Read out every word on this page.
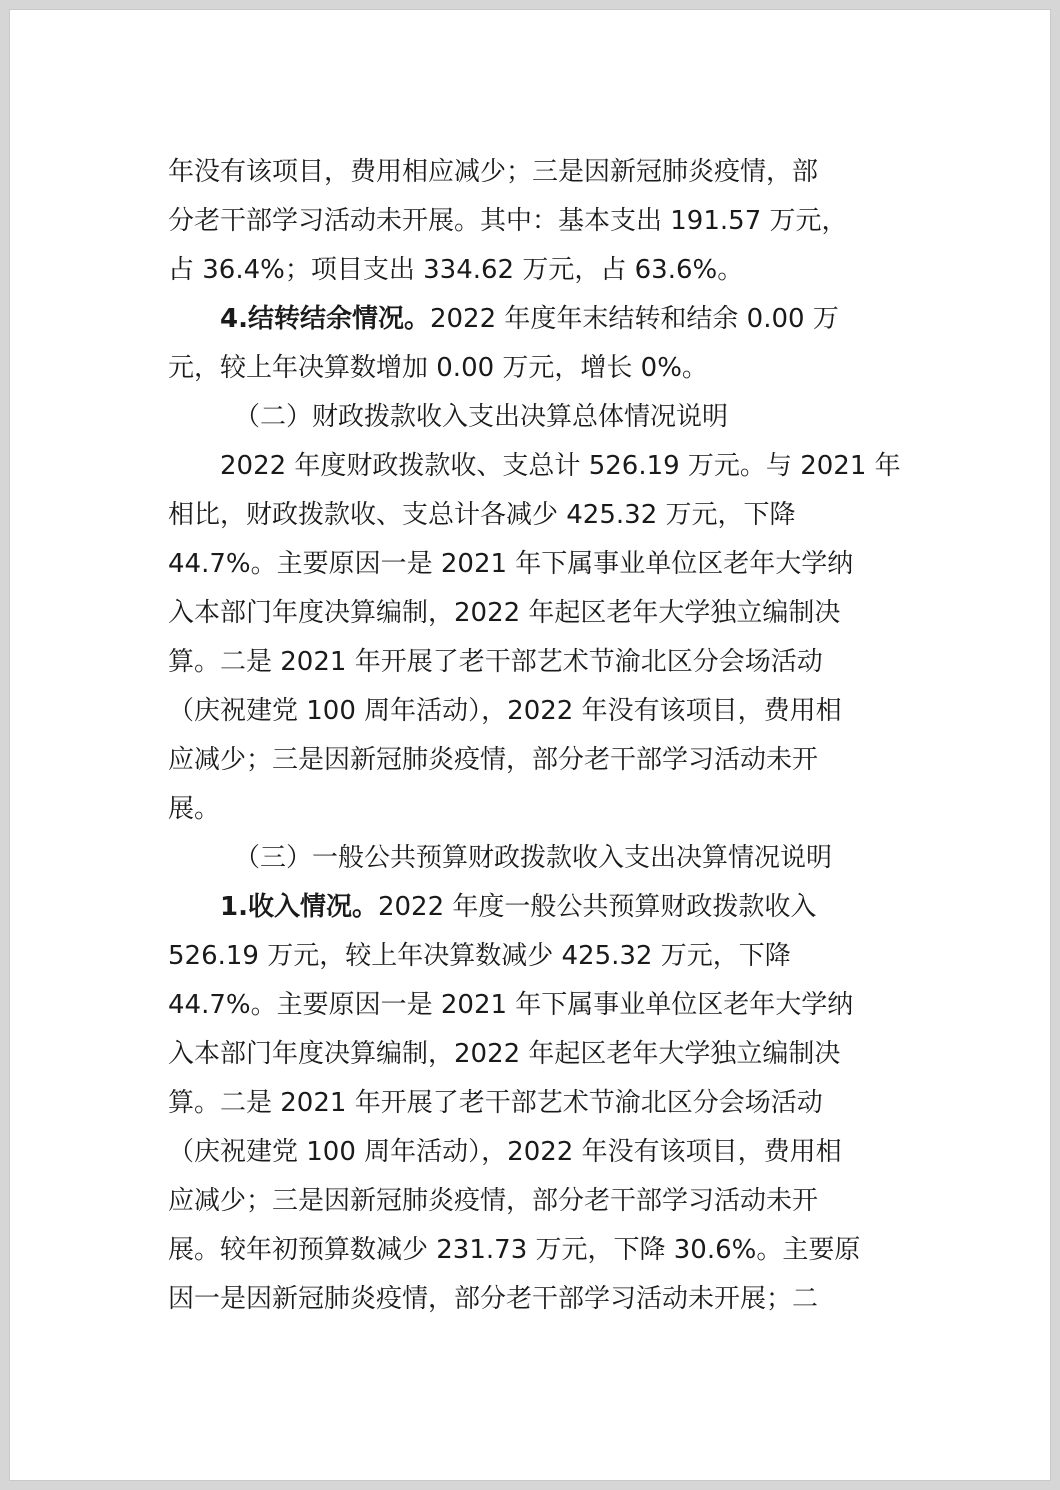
年没有该项目，费用相应减少；三是因新冠肺炎疫情，部
分老干部学习活动未开展。其中：基本支出 191.57 万元，
占 36.4%；项目支出 334.62 万元，占 63.6%。
4.结转结余情况。2022 年度年末结转和结余 0.00 万
元，较上年决算数增加 0.00 万元，增长 0%。
（二）财政拨款收入支出决算总体情况说明
2022 年度财政拨款收、支总计 526.19 万元。与 2021 年
相比，财政拨款收、支总计各减少 425.32 万元，下降
44.7%。主要原因一是 2021 年下属事业单位区老年大学纳
入本部门年度决算编制，2022 年起区老年大学独立编制决
算。二是 2021 年开展了老干部艺术节渝北区分会场活动
（庆祝建党 100 周年活动），2022 年没有该项目，费用相
应减少；三是因新冠肺炎疫情，部分老干部学习活动未开
展。
（三）一般公共预算财政拨款收入支出决算情况说明
1.收入情况。2022 年度一般公共预算财政拨款收入
526.19 万元，较上年决算数减少 425.32 万元，下降
44.7%。主要原因一是 2021 年下属事业单位区老年大学纳
入本部门年度决算编制，2022 年起区老年大学独立编制决
算。二是 2021 年开展了老干部艺术节渝北区分会场活动
（庆祝建党 100 周年活动），2022 年没有该项目，费用相
应减少；三是因新冠肺炎疫情，部分老干部学习活动未开
展。较年初预算数减少 231.73 万元，下降 30.6%。主要原
因一是因新冠肺炎疫情，部分老干部学习活动未开展；二
